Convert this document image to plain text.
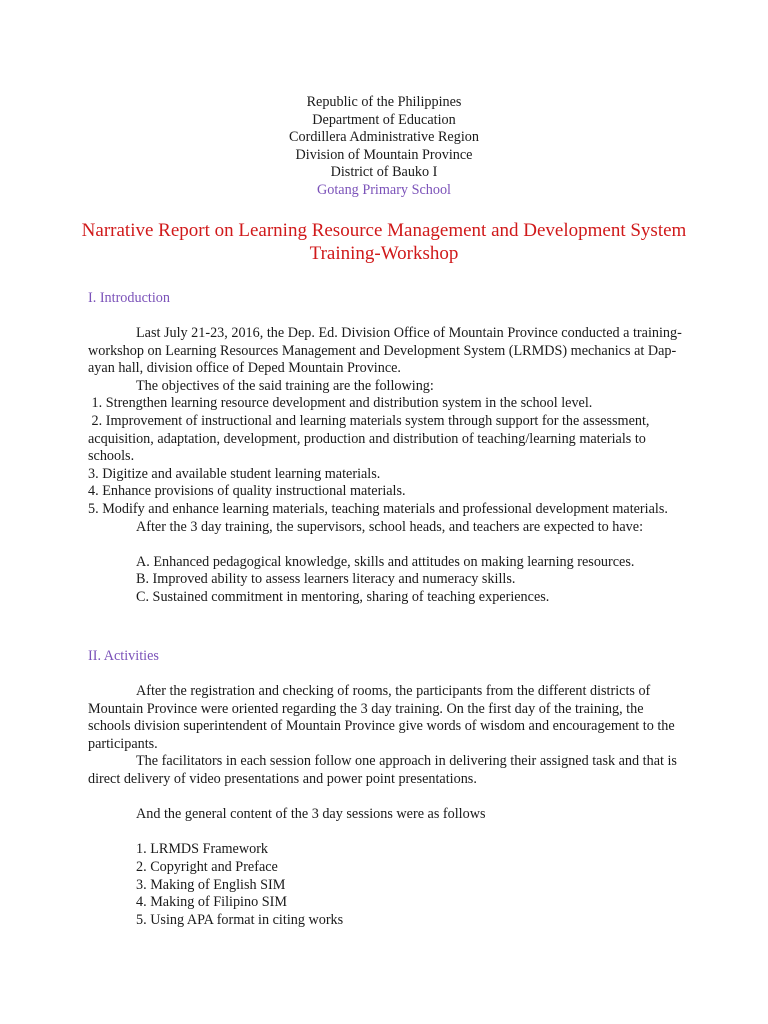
Republic of the Philippines
Department of Education
Cordillera Administrative Region
Division of Mountain Province
District of Bauko I
Gotang Primary School
Narrative Report on Learning Resource Management and Development System Training-Workshop
I. Introduction

Last July 21-23, 2016, the Dep. Ed. Division Office of Mountain Province conducted a training-workshop on Learning Resources Management and Development System (LRMDS) mechanics at Dap-ayan hall, division office of Deped Mountain Province.

The objectives of the said training are the following:

1. Strengthen learning resource development and distribution system in the school level.

2. Improvement of instructional and learning materials system through support for the assessment, acquisition, adaptation, development, production and distribution of teaching/learning materials to schools.

3. Digitize and available student learning materials.

4. Enhance provisions of quality instructional materials.

5. Modify and enhance learning materials, teaching materials and professional development materials.

After the 3 day training, the supervisors, school heads, and teachers are expected to have:

A. Enhanced pedagogical knowledge, skills and attitudes on making learning resources.

B. Improved ability to assess learners literacy and numeracy skills.

C. Sustained commitment in mentoring, sharing of teaching experiences.

II. Activities

After the registration and checking of rooms, the participants from the different districts of Mountain Province were oriented regarding the 3 day training. On the first day of the training, the schools division superintendent of Mountain Province give words of wisdom and encouragement to the participants.

The facilitators in each session follow one approach in delivering their assigned task and that is direct delivery of video presentations and power point presentations.

And the general content of the 3 day sessions were as follows

1. LRMDS Framework

2. Copyright and Preface

3. Making of English SIM

4. Making of Filipino SIM

5. Using APA format in citing works
